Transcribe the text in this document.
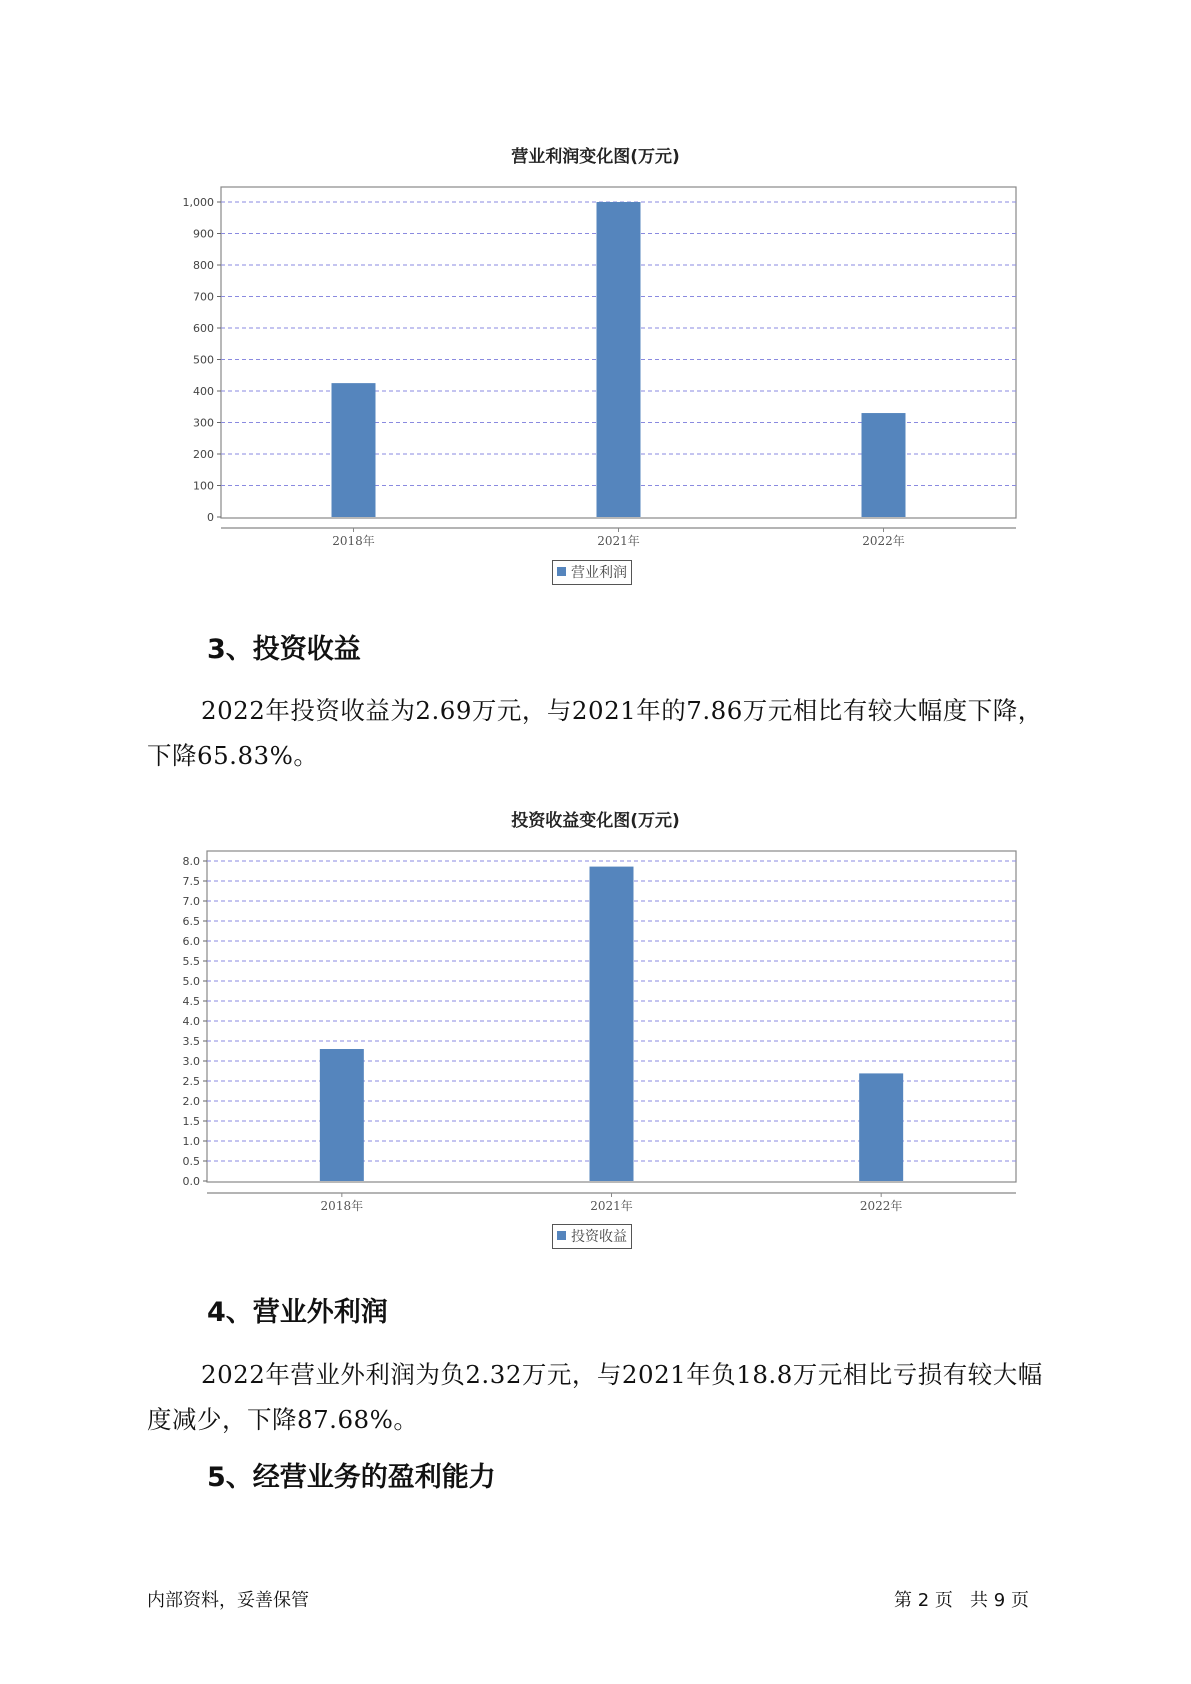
营业利润变化图(万元)
0
100
200
300
400
500
600
700
800
900
1,000
2018年	2021年	2022年
营业利润
3、投资收益

2022年投资收益为2.69万元，与2021年的7.86万元相比有较大幅度下降，下降65.83%。

投资收益变化图(万元)
0.0
0.5
1.0
1.5
2.0
2.5
3.0
3.5
4.0
4.5
5.0
5.5
6.0
6.5
7.0
7.5
8.0
2018年	2021年	2022年
投资收益
4、营业外利润

2022年营业外利润为负2.32万元，与2021年负18.8万元相比亏损有较大幅度减少，下降87.68%。

5、经营业务的盈利能力
内部资料，妥善保管	第 2 页   共 9 页
